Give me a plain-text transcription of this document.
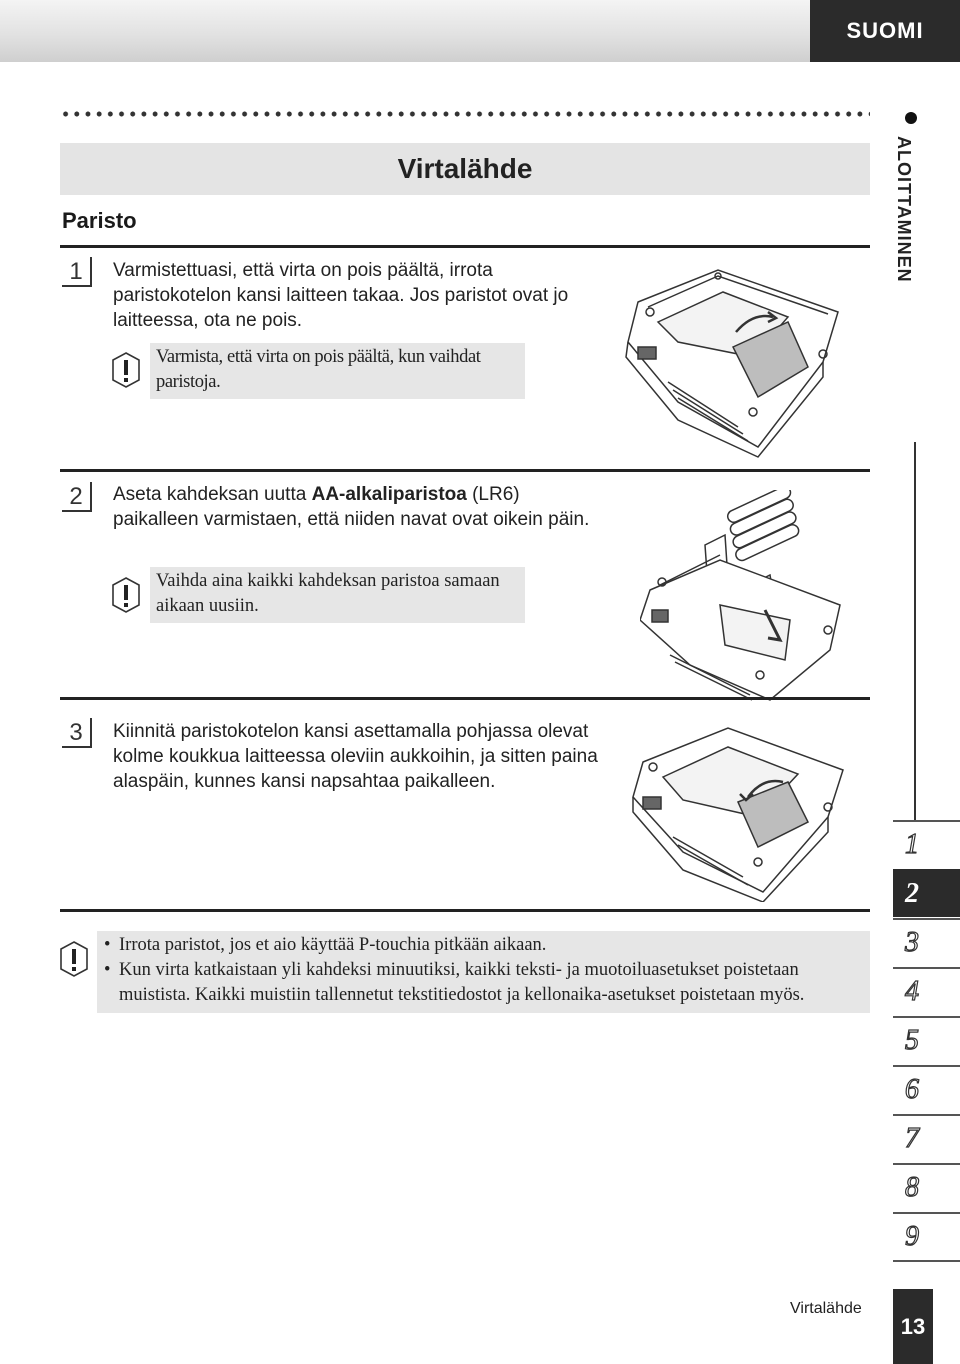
SUOMI
Virtalähde
Paristo
1	Varmistettuasi, että virta on pois päältä, irrota paristokotelon kansi laitteen takaa. Jos paristot ovat jo laitteessa, ota ne pois.
Varmista, että virta on pois päältä, kun vaihdat paristoja.
2	Aseta kahdeksan uutta AA-alkaliparistoa (LR6) paikalleen varmistaen, että niiden navat ovat oikein päin.
Vaihda aina kaikki kahdeksan paristoa samaan aikaan uusiin.
3	Kiinnitä paristokotelon kansi asettamalla pohjassa olevat kolme koukkua laitteessa oleviin aukkoihin, ja sitten paina alaspäin, kunnes kansi napsahtaa paikalleen.
• Irrota paristot, jos et aio käyttää P-touchia pitkään aikaan.
• Kun virta katkaistaan yli kahdeksi minuutiksi, kaikki teksti- ja muotoiluasetukset poistetaan muistista. Kaikki muistiin tallennetut tekstitiedostot ja kellonaika-asetukset poistetaan myös.
ALOITTAMINEN
1
2
3
4
5
6
7
8
9
Virtalähde
13
